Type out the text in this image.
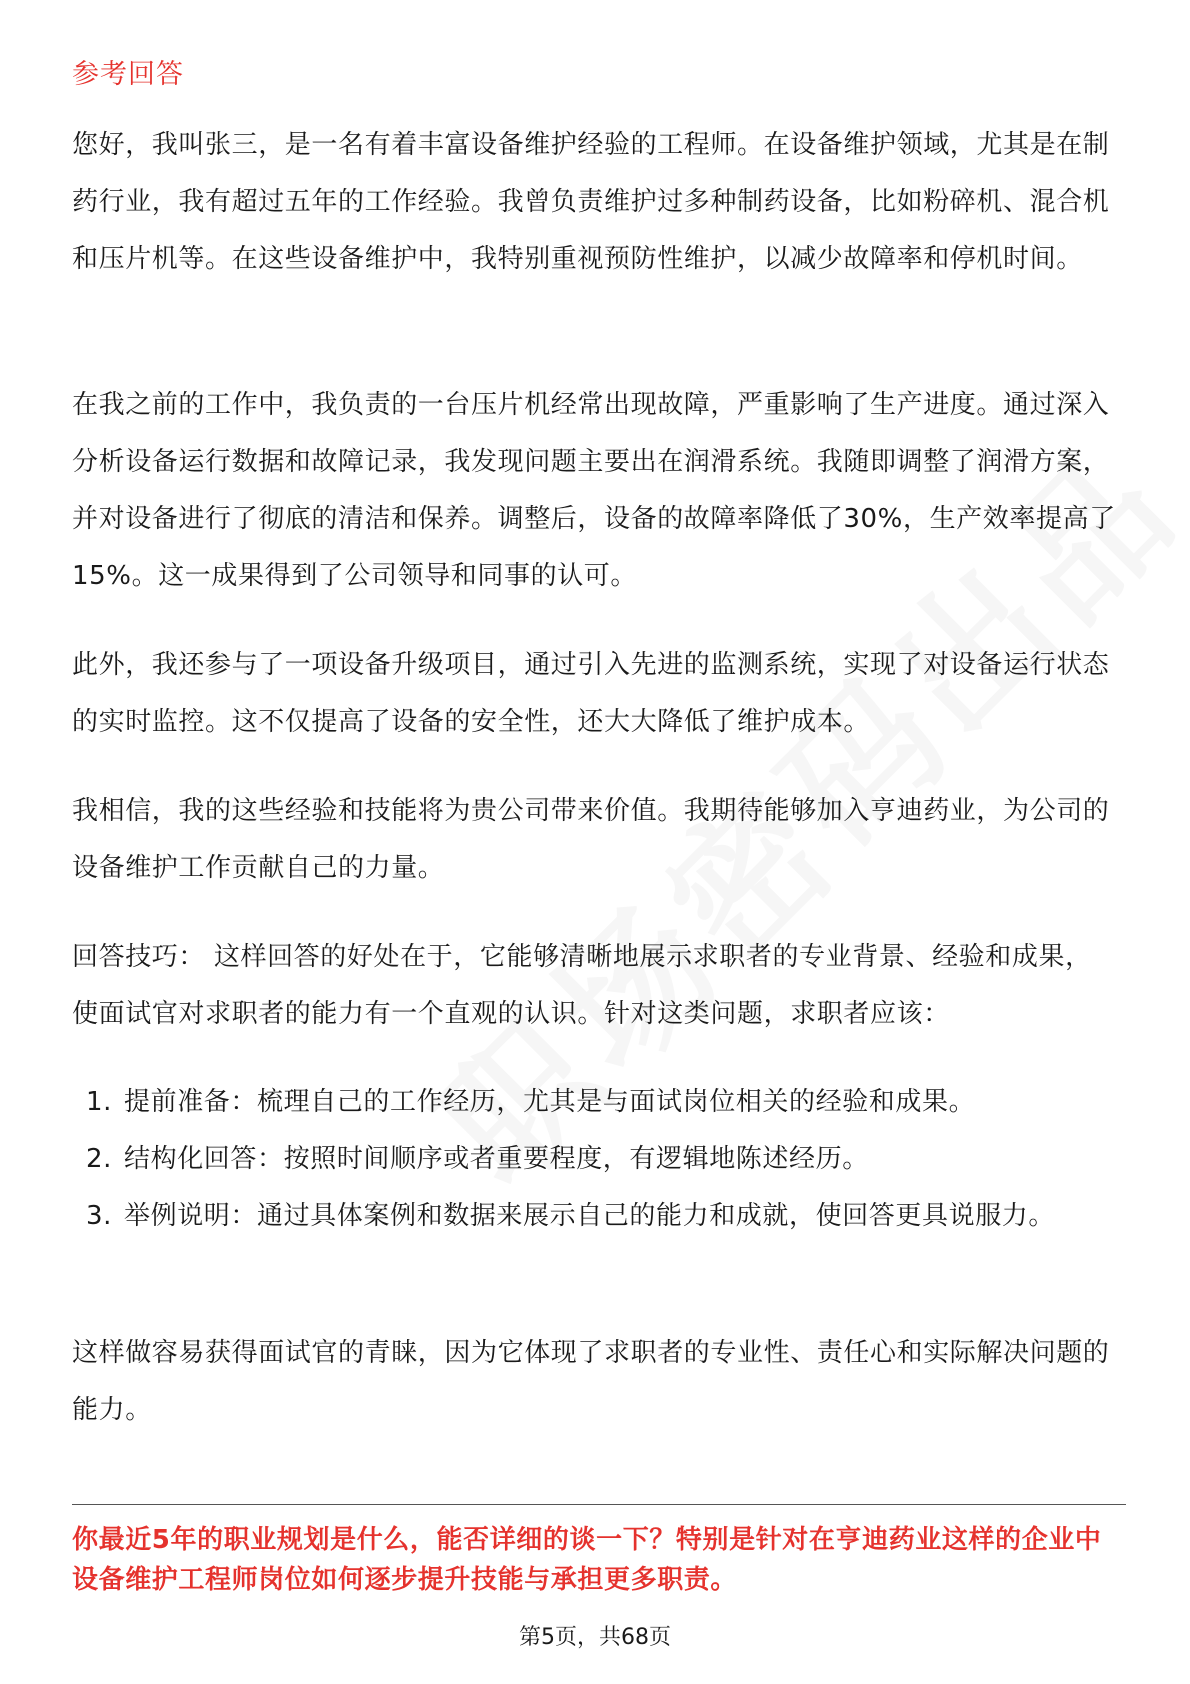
参考回答

您好，我叫张三，是一名有着丰富设备维护经验的工程师。在设备维护领域，尤其是在制药行业，我有超过五年的工作经验。我曾负责维护过多种制药设备，比如粉碎机、混合机和压片机等。在这些设备维护中，我特别重视预防性维护，以减少故障率和停机时间。

在我之前的工作中，我负责的一台压片机经常出现故障，严重影响了生产进度。通过深入分析设备运行数据和故障记录，我发现问题主要出在润滑系统。我随即调整了润滑方案，并对设备进行了彻底的清洁和保养。调整后，设备的故障率降低了30%，生产效率提高了15%。这一成果得到了公司领导和同事的认可。

此外，我还参与了一项设备升级项目，通过引入先进的监测系统，实现了对设备运行状态的实时监控。这不仅提高了设备的安全性，还大大降低了维护成本。

我相信，我的这些经验和技能将为贵公司带来价值。我期待能够加入亨迪药业，为公司的设备维护工作贡献自己的力量。

回答技巧： 这样回答的好处在于，它能够清晰地展示求职者的专业背景、经验和成果，使面试官对求职者的能力有一个直观的认识。针对这类问题，求职者应该：

1. 提前准备：梳理自己的工作经历，尤其是与面试岗位相关的经验和成果。
2. 结构化回答：按照时间顺序或者重要程度，有逻辑地陈述经历。
3. 举例说明：通过具体案例和数据来展示自己的能力和成就，使回答更具说服力。

这样做容易获得面试官的青睐，因为它体现了求职者的专业性、责任心和实际解决问题的能力。

你最近5年的职业规划是什么，能否详细的谈一下？特别是针对在亨迪药业这样的企业中设备维护工程师岗位如何逐步提升技能与承担更多职责。

第5页，共68页
